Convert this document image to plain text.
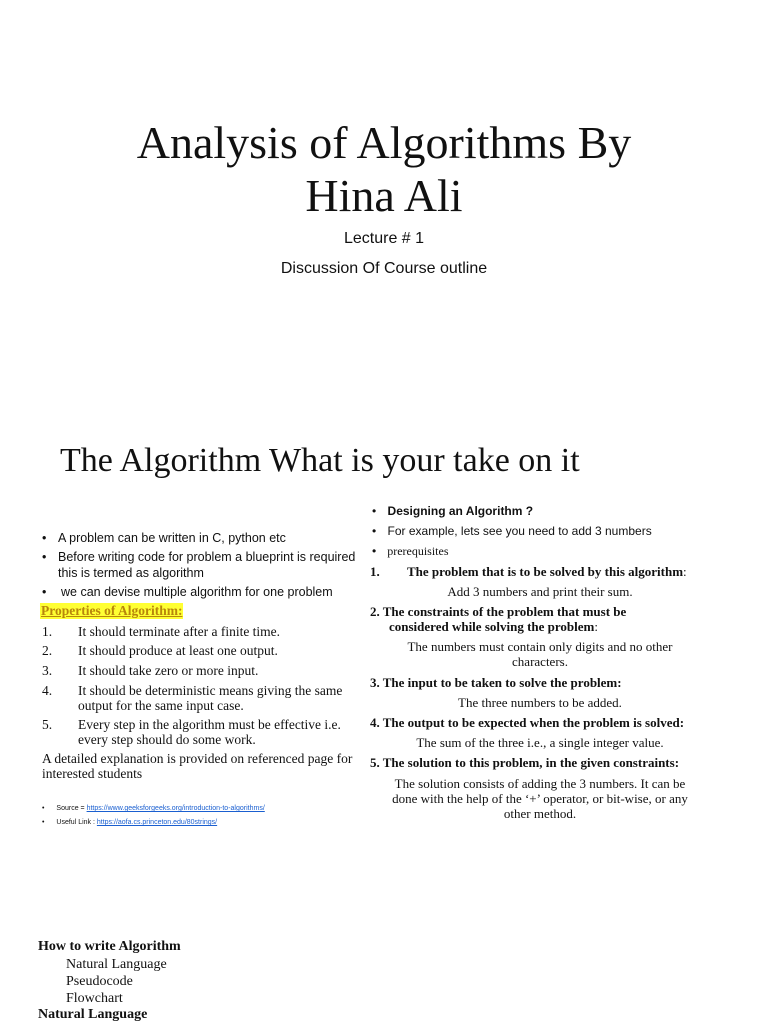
Analysis of Algorithms By
Hina Ali
Lecture # 1
Discussion Of Course outline
The Algorithm What is your take on it
• A problem can be written in C, python etc
• Before writing code for problem a blueprint is required
this is termed as algorithm
• we can devise multiple algorithm for one problem
Properties of Algorithm:
1. It should terminate after a finite time.
2. It should produce at least one output.
3. It should take zero or more input.
4. It should be deterministic means giving the same
output for the same input case.
5. Every step in the algorithm must be effective i.e.
every step should do some work.
A detailed explanation is provided on referenced page for
interested students
• Source = https://www.geeksforgeeks.org/introduction-to-algorithms/
• Useful Link : https://aofa.cs.princeton.edu/80strings/
• Designing an Algorithm ?
• For example, lets see you need to add 3 numbers
• prerequisites
1. The problem that is to be solved by this algorithm:
Add 3 numbers and print their sum.
2. The constraints of the problem that must be
considered while solving the problem:
The numbers must contain only digits and no other
characters.
3. The input to be taken to solve the problem:
The three numbers to be added.
4. The output to be expected when the problem is solved:
The sum of the three i.e., a single integer value.
5. The solution to this problem, in the given constraints:
The solution consists of adding the 3 numbers. It can be
done with the help of the ‘+’ operator, or bit-wise, or any
other method.
How to write Algorithm
Natural Language
Pseudocode
Flowchart
Natural Language
